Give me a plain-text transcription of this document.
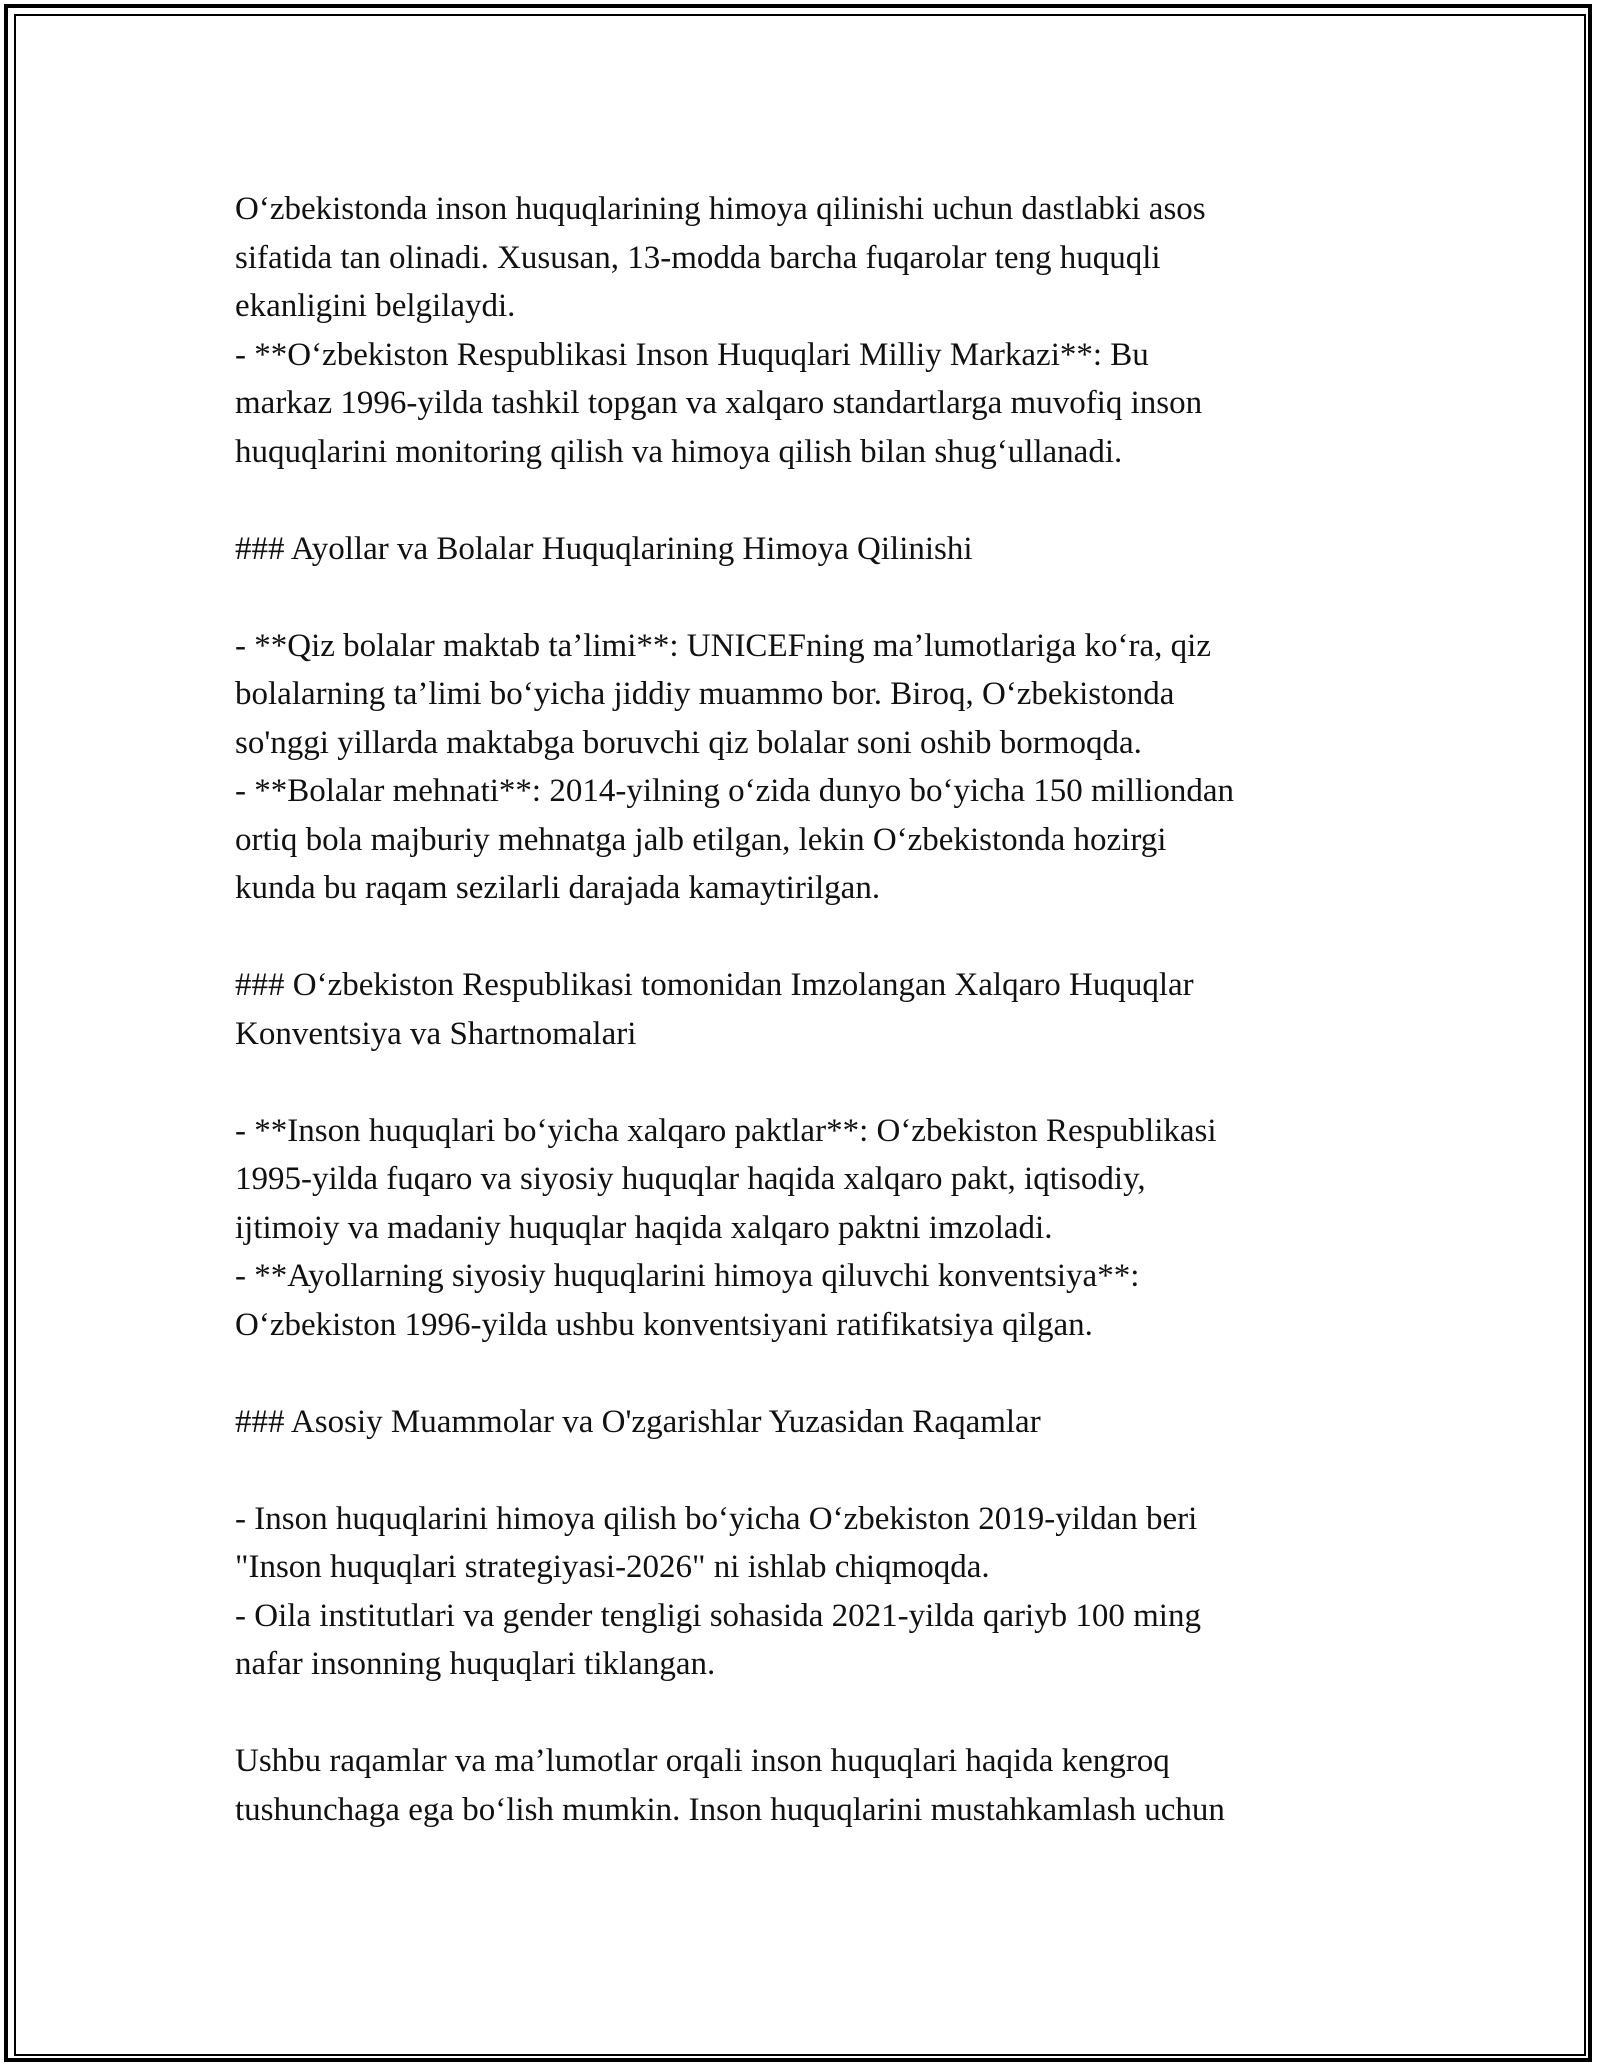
O‘zbekistonda inson huquqlarining himoya qilinishi uchun dastlabki asos
sifatida tan olinadi. Xususan, 13-modda barcha fuqarolar teng huquqli
ekanligini belgilaydi.
- **O‘zbekiston Respublikasi Inson Huquqlari Milliy Markazi**: Bu
markaz 1996-yilda tashkil topgan va xalqaro standartlarga muvofiq inson
huquqlarini monitoring qilish va himoya qilish bilan shug‘ullanadi.
### Ayollar va Bolalar Huquqlarining Himoya Qilinishi
- **Qiz bolalar maktab ta’limi**: UNICEFning ma’lumotlariga ko‘ra, qiz
bolalarning ta’limi bo‘yicha jiddiy muammo bor. Biroq, O‘zbekistonda
so'nggi yillarda maktabga boruvchi qiz bolalar soni oshib bormoqda.
- **Bolalar mehnati**: 2014-yilning o‘zida dunyo bo‘yicha 150 milliondan
ortiq bola majburiy mehnatga jalb etilgan, lekin O‘zbekistonda hozirgi
kunda bu raqam sezilarli darajada kamaytirilgan.
### O‘zbekiston Respublikasi tomonidan Imzolangan Xalqaro Huquqlar
Konventsiya va Shartnomalari
- **Inson huquqlari bo‘yicha xalqaro paktlar**: O‘zbekiston Respublikasi
1995-yilda fuqaro va siyosiy huquqlar haqida xalqaro pakt, iqtisodiy,
ijtimoiy va madaniy huquqlar haqida xalqaro paktni imzoladi.
- **Ayollarning siyosiy huquqlarini himoya qiluvchi konventsiya**:
O‘zbekiston 1996-yilda ushbu konventsiyani ratifikatsiya qilgan.
### Asosiy Muammolar va O'zgarishlar Yuzasidan Raqamlar
- Inson huquqlarini himoya qilish bo‘yicha O‘zbekiston 2019-yildan beri
"Inson huquqlari strategiyasi-2026" ni ishlab chiqmoqda.
- Oila institutlari va gender tengligi sohasida 2021-yilda qariyb 100 ming
nafar insonning huquqlari tiklangan.
Ushbu raqamlar va ma’lumotlar orqali inson huquqlari haqida kengroq
tushunchaga ega bo‘lish mumkin. Inson huquqlarini mustahkamlash uchun
